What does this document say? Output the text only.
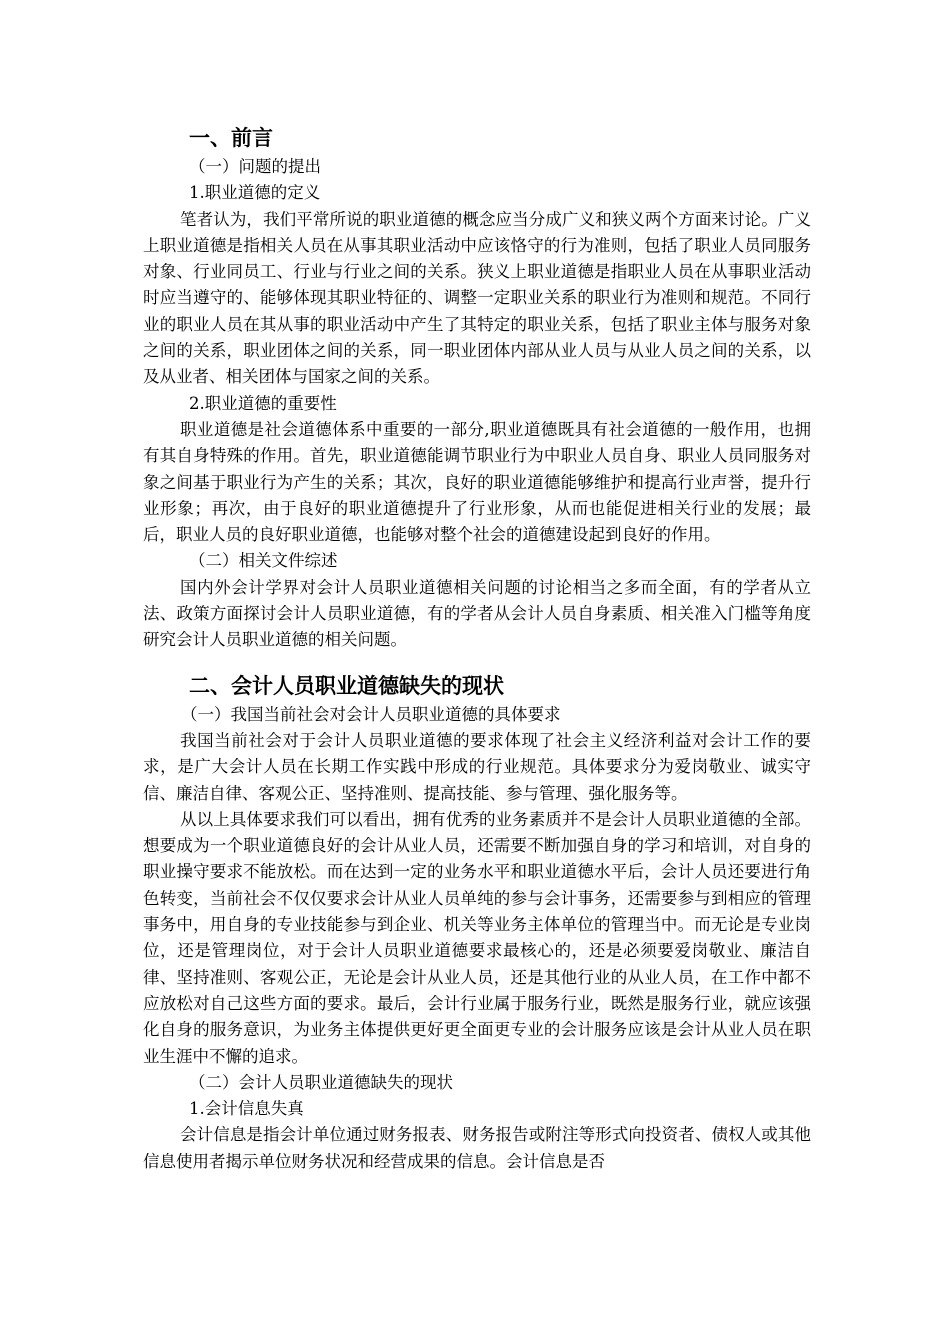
一、前言
（一）问题的提出
1.职业道德的定义

笔者认为，我们平常所说的职业道德的概念应当分成广义和狭义两个方面来讨论。广义上职业道德是指相关人员在从事其职业活动中应该恪守的行为准则，包括了职业人员同服务对象、行业同员工、行业与行业之间的关系。狭义上职业道德是指职业人员在从事职业活动时应当遵守的、能够体现其职业特征的、调整一定职业关系的职业行为准则和规范。不同行业的职业人员在其从事的职业活动中产生了其特定的职业关系，包括了职业主体与服务对象之间的关系，职业团体之间的关系，同一职业团体内部从业人员与从业人员之间的关系，以及从业者、相关团体与国家之间的关系。

2.职业道德的重要性

职业道德是社会道德体系中重要的一部分,职业道德既具有社会道德的一般作用，也拥有其自身特殊的作用。首先，职业道德能调节职业行为中职业人员自身、职业人员同服务对象之间基于职业行为产生的关系；其次，良好的职业道德能够维护和提高行业声誉，提升行业形象；再次，由于良好的职业道德提升了行业形象，从而也能促进相关行业的发展；最后，职业人员的良好职业道德，也能够对整个社会的道德建设起到良好的作用。

（二）相关文件综述

国内外会计学界对会计人员职业道德相关问题的讨论相当之多而全面，有的学者从立法、政策方面探讨会计人员职业道德，有的学者从会计人员自身素质、相关准入门槛等角度研究会计人员职业道德的相关问题。

二、会计人员职业道德缺失的现状
（一）我国当前社会对会计人员职业道德的具体要求

我国当前社会对于会计人员职业道德的要求体现了社会主义经济利益对会计工作的要求，是广大会计人员在长期工作实践中形成的行业规范。具体要求分为爱岗敬业、诚实守信、廉洁自律、客观公正、坚持准则、提高技能、参与管理、强化服务等。

从以上具体要求我们可以看出，拥有优秀的业务素质并不是会计人员职业道德的全部。想要成为一个职业道德良好的会计从业人员，还需要不断加强自身的学习和培训，对自身的职业操守要求不能放松。而在达到一定的业务水平和职业道德水平后，会计人员还要进行角色转变，当前社会不仅仅要求会计从业人员单纯的参与会计事务，还需要参与到相应的管理事务中，用自身的专业技能参与到企业、机关等业务主体单位的管理当中。而无论是专业岗位，还是管理岗位，对于会计人员职业道德要求最核心的，还是必须要爱岗敬业、廉洁自律、坚持准则、客观公正，无论是会计从业人员，还是其他行业的从业人员，在工作中都不应放松对自己这些方面的要求。最后，会计行业属于服务行业，既然是服务行业，就应该强化自身的服务意识，为业务主体提供更好更全面更专业的会计服务应该是会计从业人员在职业生涯中不懈的追求。

（二）会计人员职业道德缺失的现状
1.会计信息失真

会计信息是指会计单位通过财务报表、财务报告或附注等形式向投资者、债权人或其他信息使用者揭示单位财务状况和经营成果的信息。会计信息是否
